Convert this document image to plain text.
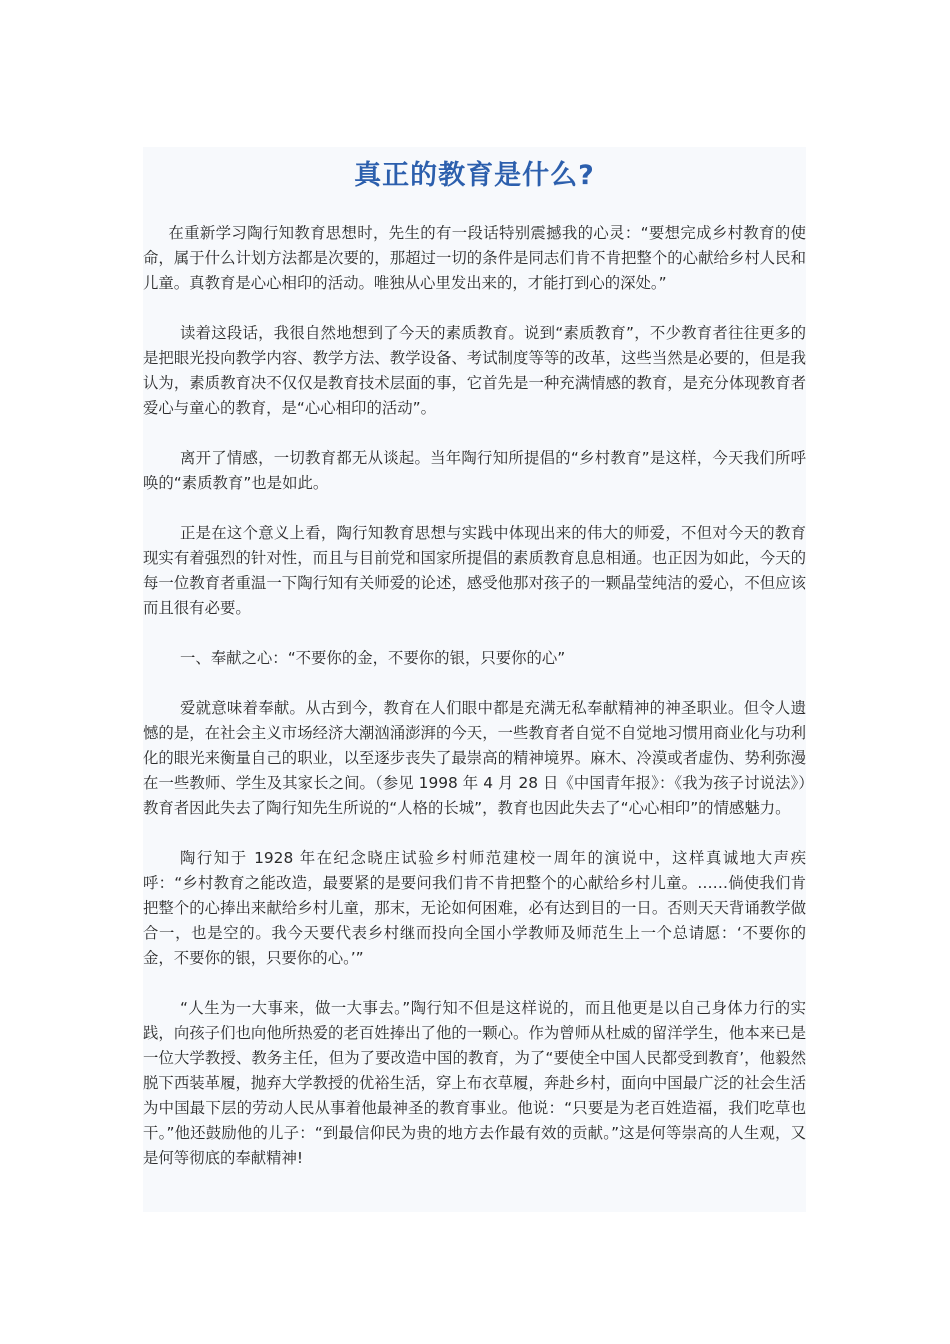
真正的教育是什么?

在重新学习陶行知教育思想时，先生的有一段话特别震撼我的心灵：“要想完成乡村教育的使命，属于什么计划方法都是次要的，那超过一切的条件是同志们肯不肯把整个的心献给乡村人民和儿童。真教育是心心相印的活动。唯独从心里发出来的，才能打到心的深处。”

读着这段话，我很自然地想到了今天的素质教育。说到“素质教育”，不少教育者往往更多的是把眼光投向教学内容、教学方法、教学设备、考试制度等等的改革，这些当然是必要的，但是我认为，素质教育决不仅仅是教育技术层面的事，它首先是一种充满情感的教育，是充分体现教育者爱心与童心的教育，是“心心相印的活动”。

离开了情感，一切教育都无从谈起。当年陶行知所提倡的“乡村教育”是这样，今天我们所呼唤的“素质教育”也是如此。

正是在这个意义上看，陶行知教育思想与实践中体现出来的伟大的师爱，不但对今天的教育现实有着强烈的针对性，而且与目前党和国家所提倡的素质教育息息相通。也正因为如此，今天的每一位教育者重温一下陶行知有关师爱的论述，感受他那对孩子的一颗晶莹纯洁的爱心，不但应该而且很有必要。

一、奉献之心：“不要你的金，不要你的银，只要你的心”

爱就意味着奉献。从古到今，教育在人们眼中都是充满无私奉献精神的神圣职业。但令人遗憾的是，在社会主义市场经济大潮汹涌澎湃的今天，一些教育者自觉不自觉地习惯用商业化与功利化的眼光来衡量自己的职业，以至逐步丧失了最崇高的精神境界。麻木、冷漠或者虚伪、势利弥漫在一些教师、学生及其家长之间。（参见 1998 年 4 月 28 日《中国青年报》：《我为孩子讨说法》）教育者因此失去了陶行知先生所说的“人格的长城”，教育也因此失去了“心心相印”的情感魅力。

陶行知于 1928 年在纪念晓庄试验乡村师范建校一周年的演说中，这样真诚地大声疾呼：“乡村教育之能改造，最要紧的是要问我们肯不肯把整个的心献给乡村儿童。……倘使我们肯把整个的心捧出来献给乡村儿童，那末，无论如何困难，必有达到目的一日。否则天天背诵教学做合一，也是空的。我今天要代表乡村继而投向全国小学教师及师范生上一个总请愿：‘不要你的金，不要你的银，只要你的心。’”

“人生为一大事来，做一大事去。”陶行知不但是这样说的，而且他更是以自己身体力行的实践，向孩子们也向他所热爱的老百姓捧出了他的一颗心。作为曾师从杜威的留洋学生，他本来已是一位大学教授、教务主任，但为了要改造中国的教育，为了“要使全中国人民都受到教育’，他毅然脱下西装革履，抛弃大学教授的优裕生活，穿上布衣草履，奔赴乡村，面向中国最广泛的社会生活为中国最下层的劳动人民从事着他最神圣的教育事业。他说：“只要是为老百姓造福，我们吃草也干。”他还鼓励他的儿子：“到最信仰民为贵的地方去作最有效的贡献。”这是何等崇高的人生观，又是何等彻底的奉献精神!
